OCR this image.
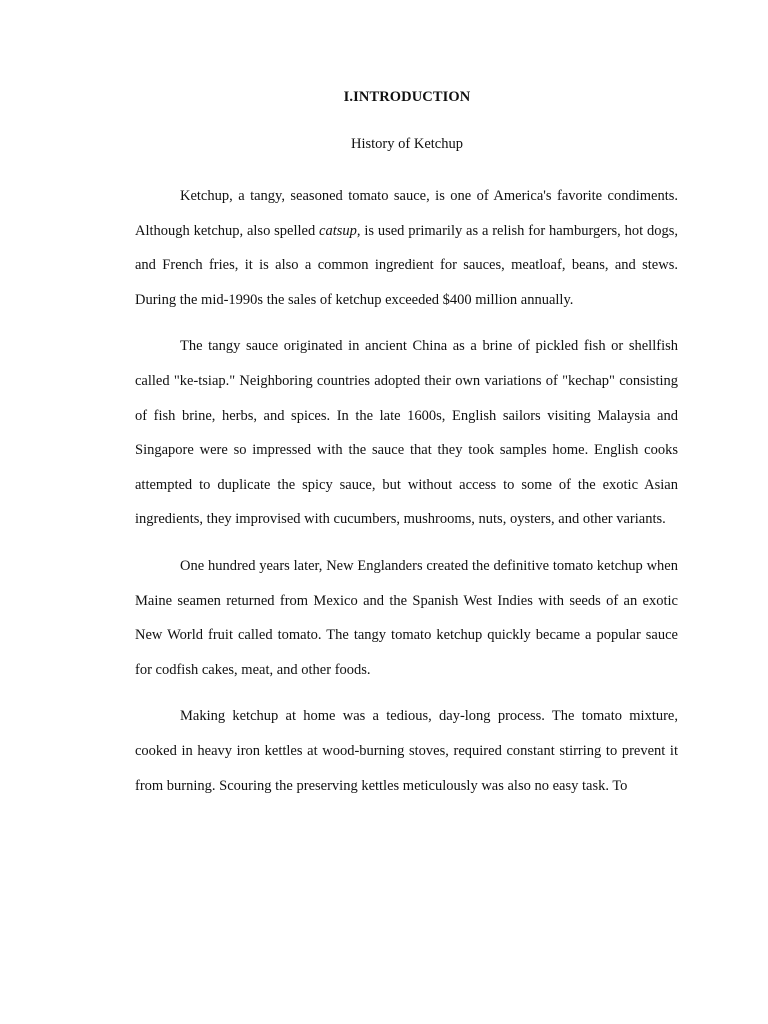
I.INTRODUCTION
History of Ketchup

Ketchup, a tangy, seasoned tomato sauce, is one of America's favorite condiments. Although ketchup, also spelled catsup, is used primarily as a relish for hamburgers, hot dogs, and French fries, it is also a common ingredient for sauces, meatloaf, beans, and stews. During the mid-1990s the sales of ketchup exceeded $400 million annually.

The tangy sauce originated in ancient China as a brine of pickled fish or shellfish called "ke-tsiap." Neighboring countries adopted their own variations of "kechap" consisting of fish brine, herbs, and spices. In the late 1600s, English sailors visiting Malaysia and Singapore were so impressed with the sauce that they took samples home. English cooks attempted to duplicate the spicy sauce, but without access to some of the exotic Asian ingredients, they improvised with cucumbers, mushrooms, nuts, oysters, and other variants.

One hundred years later, New Englanders created the definitive tomato ketchup when Maine seamen returned from Mexico and the Spanish West Indies with seeds of an exotic New World fruit called tomato. The tangy tomato ketchup quickly became a popular sauce for codfish cakes, meat, and other foods.

Making ketchup at home was a tedious, day-long process. The tomato mixture, cooked in heavy iron kettles at wood-burning stoves, required constant stirring to prevent it from burning. Scouring the preserving kettles meticulously was also no easy task. To
